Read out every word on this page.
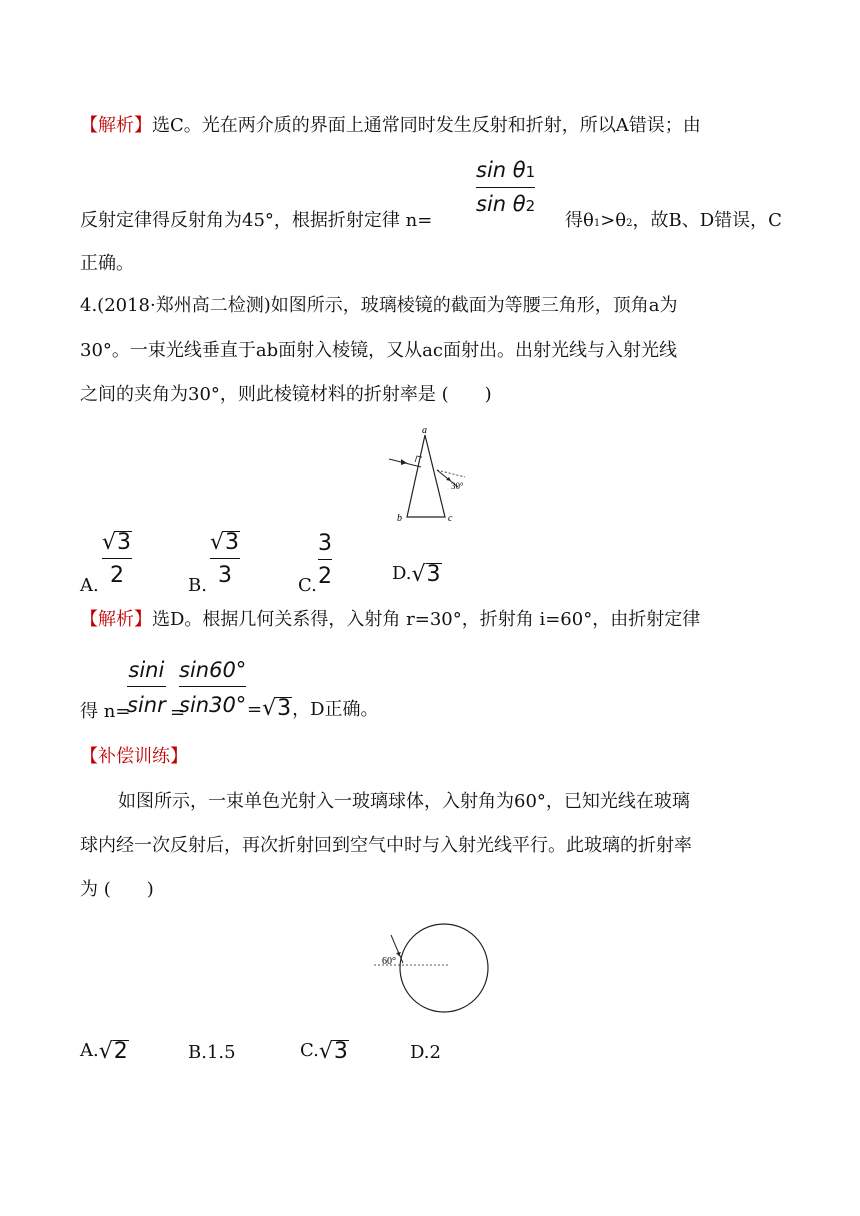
【解析】选C。光在两介质的界面上通常同时发生反射和折射，所以A错误；由
sin θ1
sin θ2
反射定律得反射角为45°，根据折射定律 n=	得θ1>θ2，故B、D错误，C
正确。
4.(2018·郑州高二检测)如图所示，玻璃棱镜的截面为等腰三角形，顶角a为
30°。一束光线垂直于ab面射入棱镜，又从ac面射出。出射光线与入射光线
之间的夹角为30°，则此棱镜材料的折射率是 (　　)
a
b	c
30°
A.
√ 3
2	B.
√ 3
3	C.
3
2	D.√ 3
【解析】选D。根据几何关系得，入射角 r=30°，折射角 i=60°，由折射定律
得 n=
sini
sinr =
sin60°
sin30° =√ 3 ，D正确。
【补偿训练】
如图所示，一束单色光射入一玻璃球体，入射角为60°，已知光线在玻璃
球内经一次反射后，再次折射回到空气中时与入射光线平行。此玻璃的折射率
为 (　　)
60°
A.√ 2	B.1.5	C.√ 3	D.2
